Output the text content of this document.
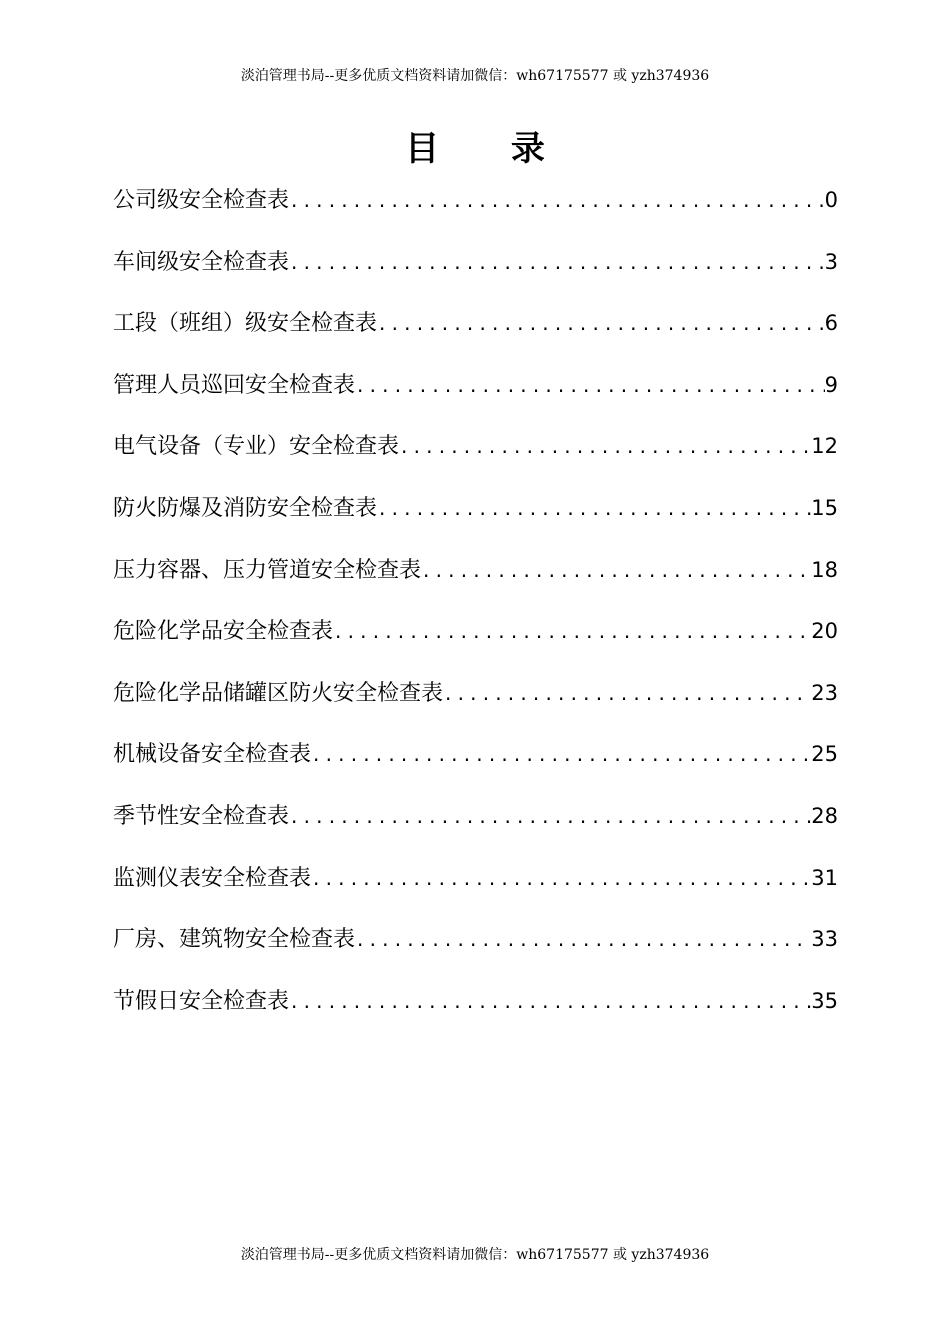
淡泊管理书局--更多优质文档资料请加微信：wh67175577 或 yzh374936
目 录
公司级安全检查表 .....	0
车间级安全检查表 .....	3
工段（班组）级安全检查表 .....	6
管理人员巡回安全检查表 .....	9
电气设备（专业）安全检查表 .....	12
防火防爆及消防安全检查表 .....	15
压力容器、压力管道安全检查表 .....	18
危险化学品安全检查表 .....	20
危险化学品储罐区防火安全检查表 .....	23
机械设备安全检查表 .....	25
季节性安全检查表 .....	28
监测仪表安全检查表 .....	31
厂房、建筑物安全检查表 .....	33
节假日安全检查表 .....	35
淡泊管理书局--更多优质文档资料请加微信：wh67175577 或 yzh374936
